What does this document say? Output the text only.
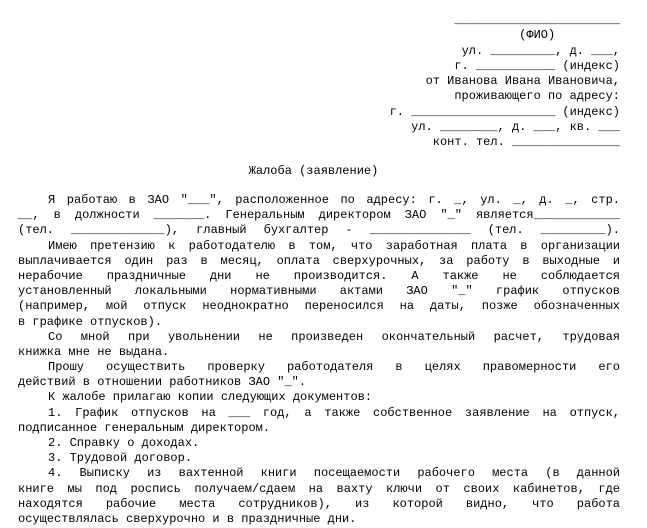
_______________________
(ФИО)
ул. _________, д. ___,
г. ___________ (индекс)
от Иванова Ивана Ивановича,
проживающего по адресу:
г. ____________________ (индекс)
ул. ________, д. ___, кв. ___
конт. тел. _______________
Жалоба (заявление)
Я работаю в ЗАО "___", расположенное по адресу: г. _, ул. _, д. _, стр.
__, в должности _______. Генеральным директором ЗАО "_" является____________
(тел. _____________), главный бухгалтер - ______________ (тел. _________).
Имею претензию к работодателю в том, что заработная плата в организации
выплачивается один раз в месяц, оплата сверхурочных, за работу в выходные и
нерабочие праздничные дни не производится. А также не соблюдается
установленный локальными нормативными актами ЗАО "_" график отпусков
(например, мой отпуск неоднократно переносился на даты, позже обозначенных
в графике отпусков).
Со мной при увольнении не произведен окончательный расчет, трудовая
книжка мне не выдана.
Прошу осуществить проверку работодателя в целях правомерности его
действий в отношении работников ЗАО "_".
К жалобе прилагаю копии следующих документов:
1. График отпусков на ___ год, а также собственное заявление на отпуск,
подписанное генеральным директором.
2. Справку о доходах.
3. Трудовой договор.
4. Выписку из вахтенной книги посещаемости рабочего места (в данной
книге мы под роспись получаем/сдаем на вахту ключи от своих кабинетов, где
находятся рабочие места сотрудников), из которой видно, что работа
осуществлялась сверхурочно и в праздничные дни.
